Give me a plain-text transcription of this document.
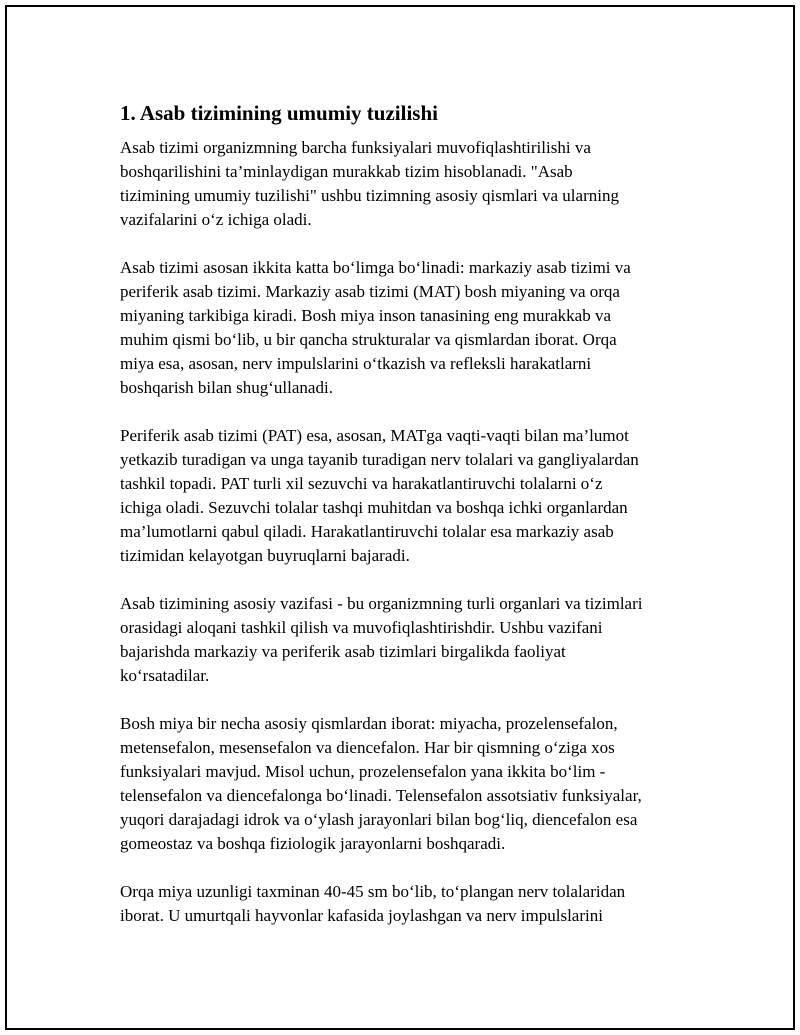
1. Asab tizimining umumiy tuzilishi

Asab tizimi organizmning barcha funksiyalari muvofiqlashtirilishi va
boshqarilishini ta’minlaydigan murakkab tizim hisoblanadi. "Asab
tizimining umumiy tuzilishi" ushbu tizimning asosiy qismlari va ularning
vazifalarini o‘z ichiga oladi.

Asab tizimi asosan ikkita katta bo‘limga bo‘linadi: markaziy asab tizimi va
periferik asab tizimi. Markaziy asab tizimi (MAT) bosh miyaning va orqa
miyaning tarkibiga kiradi. Bosh miya inson tanasining eng murakkab va
muhim qismi bo‘lib, u bir qancha strukturalar va qismlardan iborat. Orqa
miya esa, asosan, nerv impulslarini o‘tkazish va refleksli harakatlarni
boshqarish bilan shug‘ullanadi.

Periferik asab tizimi (PAT) esa, asosan, MATga vaqti-vaqti bilan ma’lumot
yetkazib turadigan va unga tayanib turadigan nerv tolalari va gangliyalardan
tashkil topadi. PAT turli xil sezuvchi va harakatlantiruvchi tolalarni o‘z
ichiga oladi. Sezuvchi tolalar tashqi muhitdan va boshqa ichki organlardan
ma’lumotlarni qabul qiladi. Harakatlantiruvchi tolalar esa markaziy asab
tizimidan kelayotgan buyruqlarni bajaradi.

Asab tizimining asosiy vazifasi - bu organizmning turli organlari va tizimlari
orasidagi aloqani tashkil qilish va muvofiqlashtirishdir. Ushbu vazifani
bajarishda markaziy va periferik asab tizimlari birgalikda faoliyat
ko‘rsatadilar.

Bosh miya bir necha asosiy qismlardan iborat: miyacha, prozelensefalon,
metensefalon, mesensefalon va diencefalon. Har bir qismning o‘ziga xos
funksiyalari mavjud. Misol uchun, prozelensefalon yana ikkita bo‘lim -
telensefalon va diencefalonga bo‘linadi. Telensefalon assotsiativ funksiyalar,
yuqori darajadagi idrok va o‘ylash jarayonlari bilan bog‘liq, diencefalon esa
gomeostaz va boshqa fiziologik jarayonlarni boshqaradi.

Orqa miya uzunligi taxminan 40-45 sm bo‘lib, to‘plangan nerv tolalaridan
iborat. U umurtqali hayvonlar kafasida joylashgan va nerv impulslarini
